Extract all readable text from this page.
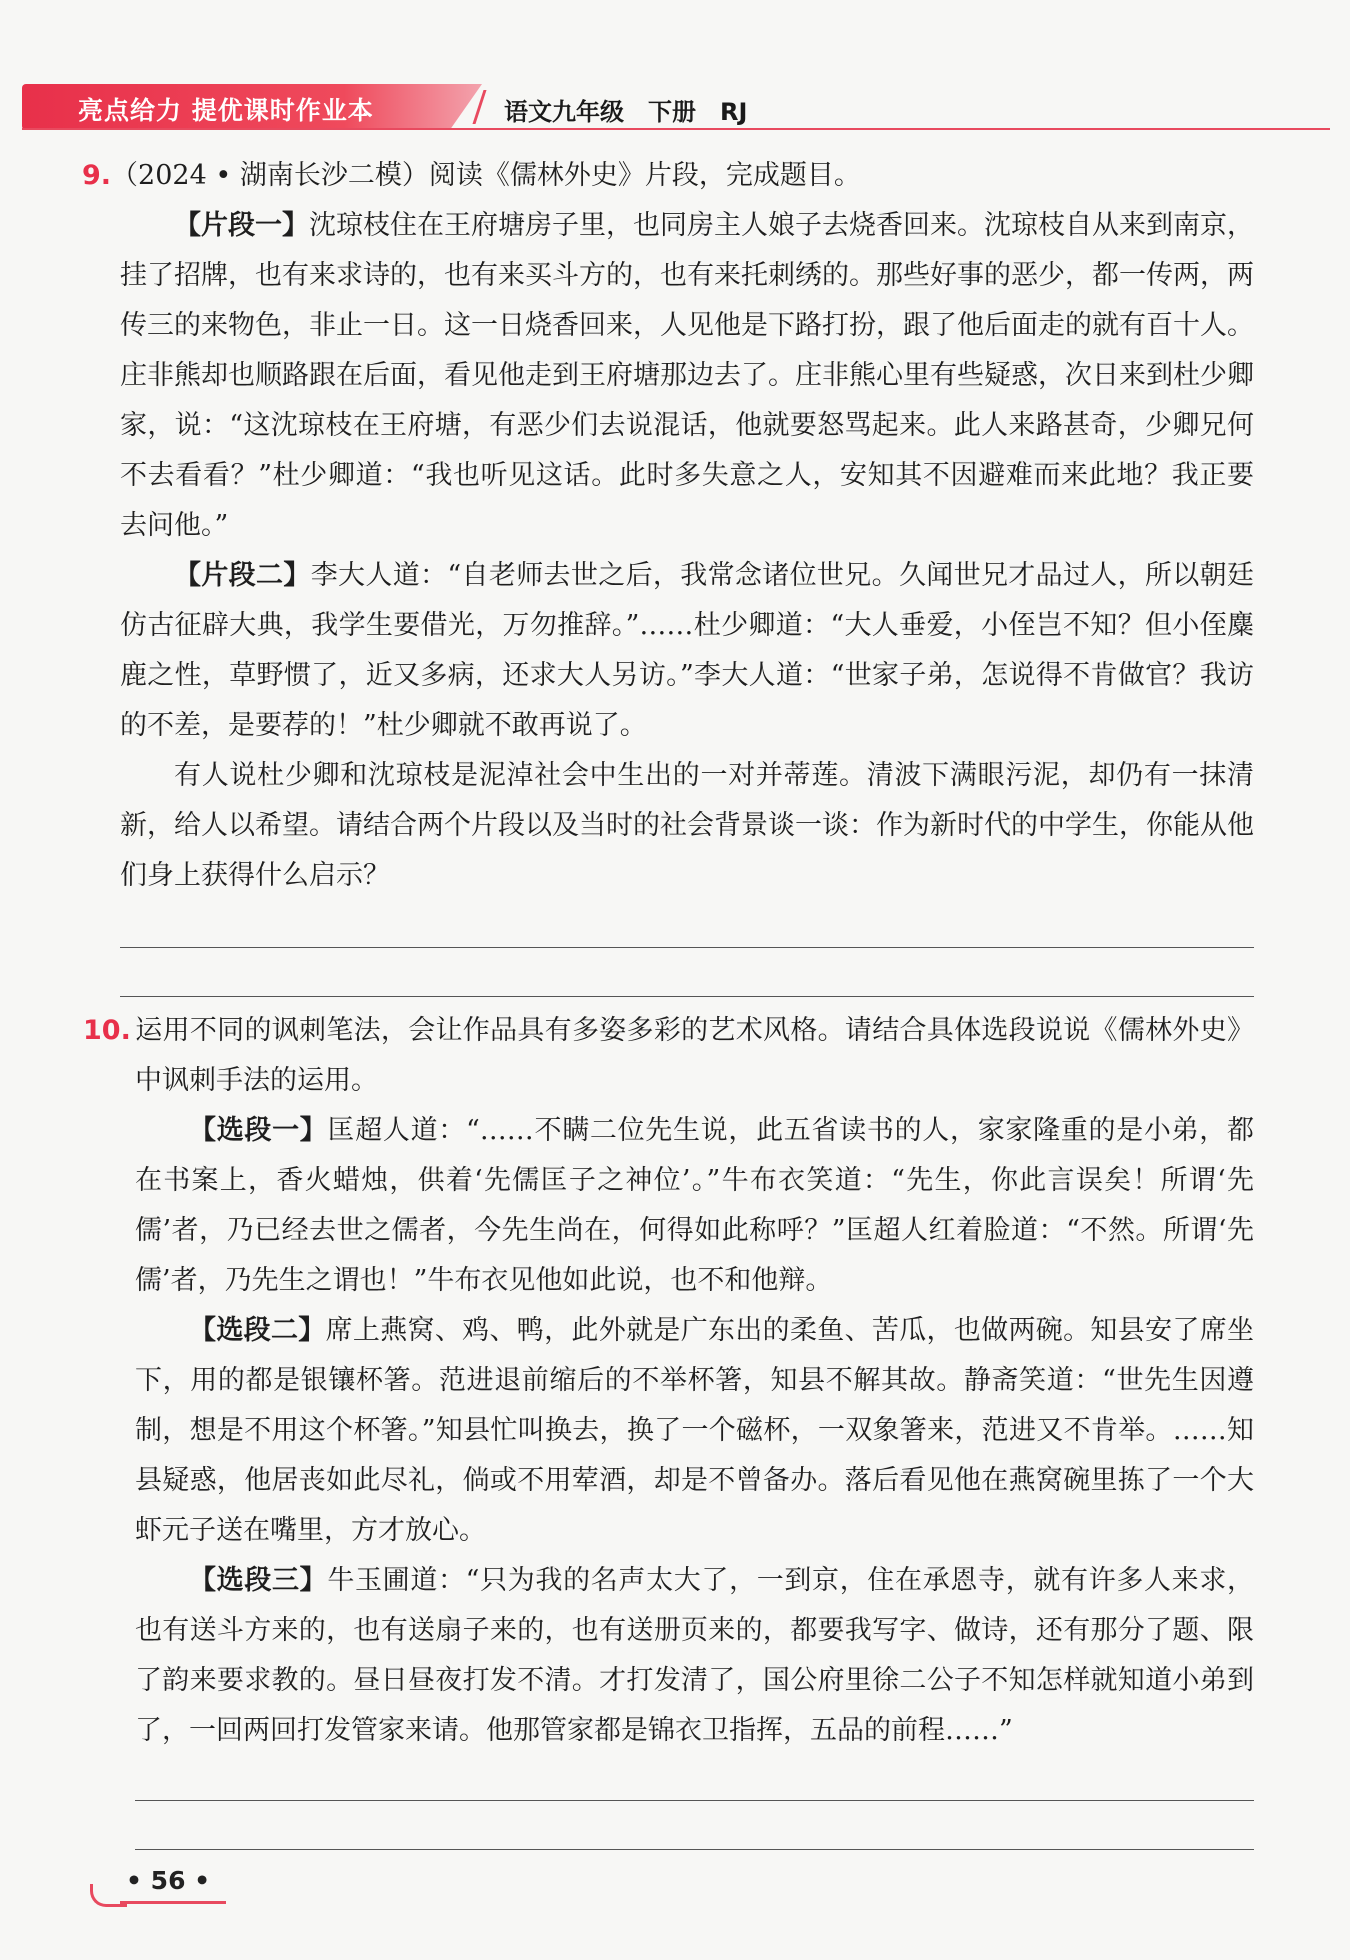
亮点给力 提优课时作业本	语文九年级　下册　RJ

9.（2024 • 湖南长沙二模）阅读《儒林外史》片段，完成题目。

【片段一】沈琼枝住在王府塘房子里，也同房主人娘子去烧香回来。沈琼枝自从来到南京，挂了招牌，也有来求诗的，也有来买斗方的，也有来托刺绣的。那些好事的恶少，都一传两，两传三的来物色，非止一日。这一日烧香回来，人见他是下路打扮，跟了他后面走的就有百十人。庄非熊却也顺路跟在后面，看见他走到王府塘那边去了。庄非熊心里有些疑惑，次日来到杜少卿家，说：“这沈琼枝在王府塘，有恶少们去说混话，他就要怒骂起来。此人来路甚奇，少卿兄何不去看看？”杜少卿道：“我也听见这话。此时多失意之人，安知其不因避难而来此地？我正要去问他。”

【片段二】李大人道：“自老师去世之后，我常念诸位世兄。久闻世兄才品过人，所以朝廷仿古征辟大典，我学生要借光，万勿推辞。”……杜少卿道：“大人垂爱，小侄岂不知？但小侄麋鹿之性，草野惯了，近又多病，还求大人另访。”李大人道：“世家子弟，怎说得不肯做官？我访的不差，是要荐的！”杜少卿就不敢再说了。

有人说杜少卿和沈琼枝是泥淖社会中生出的一对并蒂莲。清波下满眼污泥，却仍有一抹清新，给人以希望。请结合两个片段以及当时的社会背景谈一谈：作为新时代的中学生，你能从他们身上获得什么启示？

10. 运用不同的讽刺笔法，会让作品具有多姿多彩的艺术风格。请结合具体选段说说《儒林外史》中讽刺手法的运用。

【选段一】匡超人道：“……不瞒二位先生说，此五省读书的人，家家隆重的是小弟，都在书案上，香火蜡烛，供着‘先儒匡子之神位’。”牛布衣笑道：“先生，你此言误矣！所谓‘先儒’者，乃已经去世之儒者，今先生尚在，何得如此称呼？”匡超人红着脸道：“不然。所谓‘先儒’者，乃先生之谓也！”牛布衣见他如此说，也不和他辩。

【选段二】席上燕窝、鸡、鸭，此外就是广东出的柔鱼、苦瓜，也做两碗。知县安了席坐下，用的都是银镶杯箸。范进退前缩后的不举杯箸，知县不解其故。静斋笑道：“世先生因遵制，想是不用这个杯箸。”知县忙叫换去，换了一个磁杯，一双象箸来，范进又不肯举。……知县疑惑，他居丧如此尽礼，倘或不用荤酒，却是不曾备办。落后看见他在燕窝碗里拣了一个大虾元子送在嘴里，方才放心。

【选段三】牛玉圃道：“只为我的名声太大了，一到京，住在承恩寺，就有许多人来求，也有送斗方来的，也有送扇子来的，也有送册页来的，都要我写字、做诗，还有那分了题、限了韵来要求教的。昼日昼夜打发不清。才打发清了，国公府里徐二公子不知怎样就知道小弟到了，一回两回打发管家来请。他那管家都是锦衣卫指挥，五品的前程……”

• 56 •
